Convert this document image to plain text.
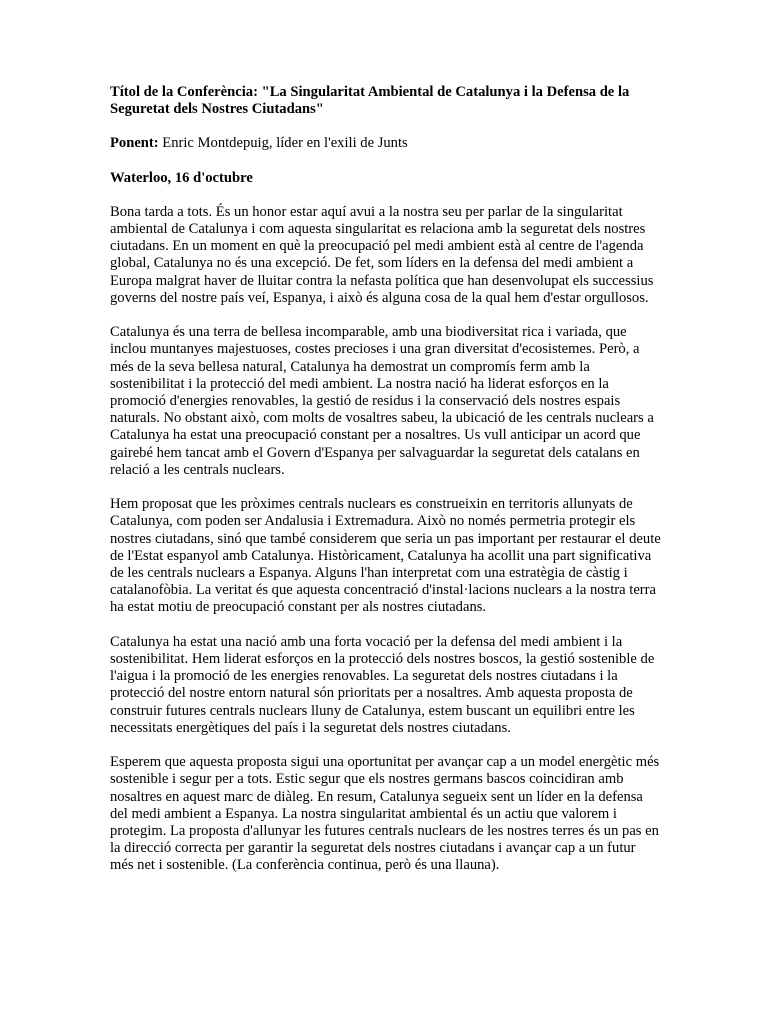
Títol de la Conferència: "La Singularitat Ambiental de Catalunya i la Defensa de la Seguretat dels Nostres Ciutadans"
Ponent: Enric Montdepuig, líder en l'exili de Junts
Waterloo, 16 d'octubre

Bona tarda a tots. És un honor estar aquí avui a la nostra seu per parlar de la singularitat ambiental de Catalunya i com aquesta singularitat es relaciona amb la seguretat dels nostres ciutadans. En un moment en què la preocupació pel medi ambient està al centre de l'agenda global, Catalunya no és una excepció. De fet, som líders en la defensa del medi ambient a Europa malgrat haver de lluitar contra la nefasta política que han desenvolupat els successius governs del nostre país veí, Espanya, i això és alguna cosa de la qual hem d'estar orgullosos.

Catalunya és una terra de bellesa incomparable, amb una biodiversitat rica i variada, que inclou muntanyes majestuoses, costes precioses i una gran diversitat d'ecosistemes. Però, a més de la seva bellesa natural, Catalunya ha demostrat un compromís ferm amb la sostenibilitat i la protecció del medi ambient. La nostra nació ha liderat esforços en la promoció d'energies renovables, la gestió de residus i la conservació dels nostres espais naturals. No obstant això, com molts de vosaltres sabeu, la ubicació de les centrals nuclears a Catalunya ha estat una preocupació constant per a nosaltres. Us vull anticipar un acord que gairebé hem tancat amb el Govern d'Espanya per salvaguardar la seguretat dels catalans en relació a les centrals nuclears.

Hem proposat que les pròximes centrals nuclears es construeixin en territoris allunyats de Catalunya, com poden ser Andalusia i Extremadura. Això no només permetria protegir els nostres ciutadans, sinó que també considerem que seria un pas important per restaurar el deute de l'Estat espanyol amb Catalunya. Històricament, Catalunya ha acollit una part significativa de les centrals nuclears a Espanya. Alguns l'han interpretat com una estratègia de càstig i catalanofòbia. La veritat és que aquesta concentració d'instal·lacions nuclears a la nostra terra ha estat motiu de preocupació constant per als nostres ciutadans.

Catalunya ha estat una nació amb una forta vocació per la defensa del medi ambient i la sostenibilitat. Hem liderat esforços en la protecció dels nostres boscos, la gestió sostenible de l'aigua i la promoció de les energies renovables. La seguretat dels nostres ciutadans i la protecció del nostre entorn natural són prioritats per a nosaltres. Amb aquesta proposta de construir futures centrals nuclears lluny de Catalunya, estem buscant un equilibri entre les necessitats energètiques del país i la seguretat dels nostres ciutadans.

Esperem que aquesta proposta sigui una oportunitat per avançar cap a un model energètic més sostenible i segur per a tots. Estic segur que els nostres germans bascos coincidiran amb nosaltres en aquest marc de diàleg. En resum, Catalunya segueix sent un líder en la defensa del medi ambient a Espanya. La nostra singularitat ambiental és un actiu que valorem i protegim. La proposta d'allunyar les futures centrals nuclears de les nostres terres és un pas en la direcció correcta per garantir la seguretat dels nostres ciutadans i avançar cap a un futur més net i sostenible. (La conferència continua, però és una llauna).
